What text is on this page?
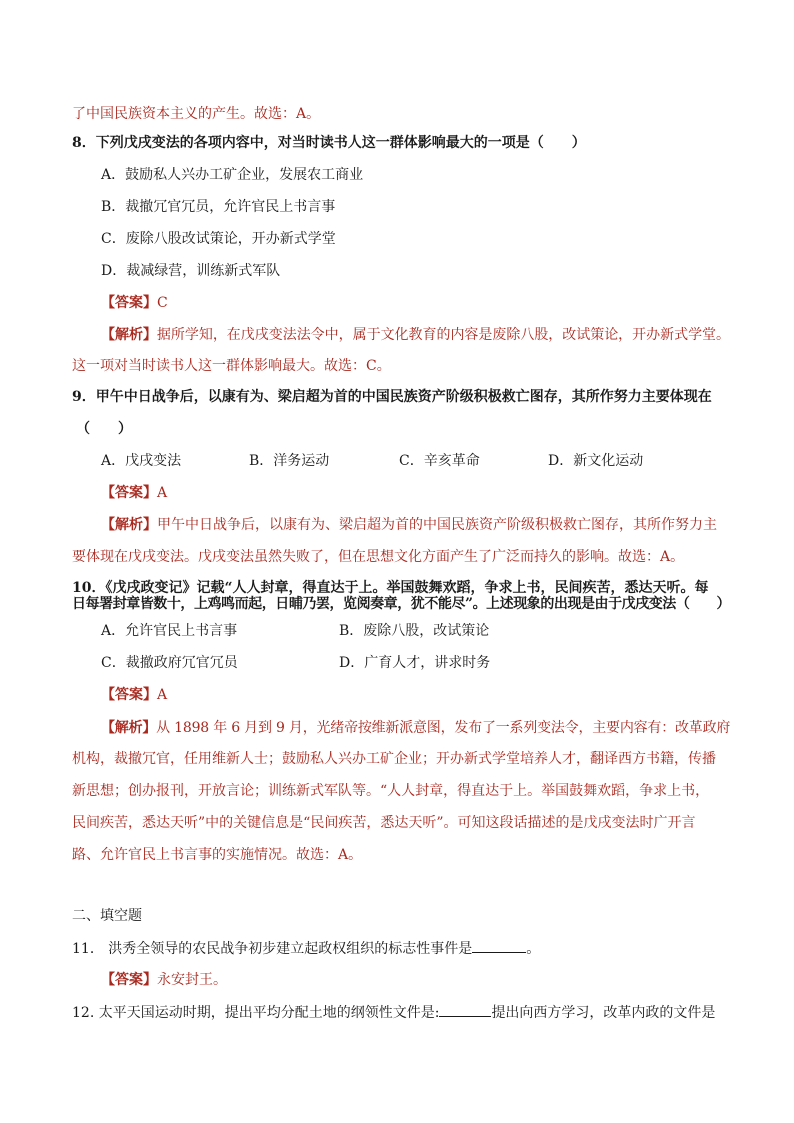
了中国民族资本主义的产生。故选：A。
8．下列戊戌变法的各项内容中，对当时读书人这一群体影响最大的一项是（　　）
A．鼓励私人兴办工矿企业，发展农工商业
B．裁撤冗官冗员，允许官民上书言事
C．废除八股改试策论，开办新式学堂
D．裁减绿营，训练新式军队
【答案】C
【解析】据所学知，在戊戌变法法令中，属于文化教育的内容是废除八股，改试策论，开办新式学堂。
这一项对当时读书人这一群体影响最大。故选：C。
9．甲午中日战争后，以康有为、梁启超为首的中国民族资产阶级积极救亡图存，其所作努力主要体现在
（　　）
A．戊戌变法	B．洋务运动	C．辛亥革命	D．新文化运动
【答案】A
【解析】甲午中日战争后，以康有为、梁启超为首的中国民族资产阶级积极救亡图存，其所作努力主
要体现在戊戌变法。戊戌变法虽然失败了，但在思想文化方面产生了广泛而持久的影响。故选：A。
10．《戊戌政变记》记载“人人封章，得直达于上。举国鼓舞欢蹈，争求上书，民间疾苦，悉达天听。每
日每署封章皆数十，上鸡鸣而起，日晡乃罢，览阅奏章，犹不能尽”。上述现象的出现是由于戊戌变法（　　）
A．允许官民上书言事	B．废除八股，改试策论
C．裁撤政府冗官冗员	D．广育人才，讲求时务
【答案】A
【解析】从 1898 年 6 月到 9 月，光绪帝按维新派意图，发布了一系列变法令，主要内容有：改革政府
机构，裁撤冗官，任用维新人士；鼓励私人兴办工矿企业；开办新式学堂培养人才，翻译西方书籍，传播
新思想；创办报刊，开放言论；训练新式军队等。“人人封章，得直达于上。举国鼓舞欢蹈，争求上书，
民间疾苦，悉达天听”中的关键信息是“民间疾苦，悉达天听”。可知这段话描述的是戊戌变法时广开言
路、允许官民上书言事的实施情况。故选：A。
二、填空题
11． 洪秀全领导的农民战争初步建立起政权组织的标志性事件是	。
【答案】永安封王。
12. 太平天国运动时期，提出平均分配土地的纲领性文件是:	提出向西方学习，改革内政的文件是
